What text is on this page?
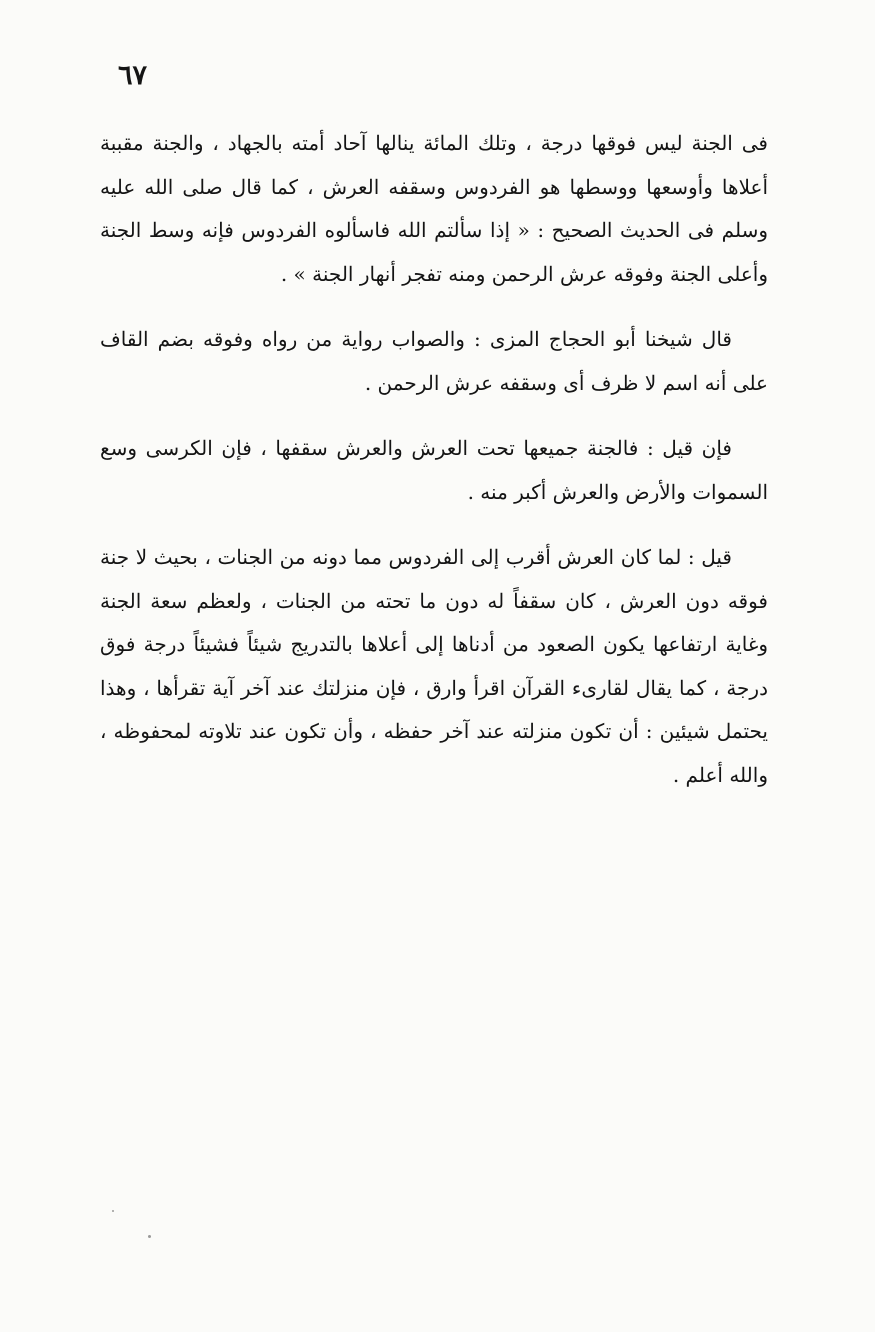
٦٧

فى الجنة ليس فوقها درجة ، وتلك المائة ينالها آحاد أمته بالجهاد ، والجنة مقببة أعلاها وأوسعها ووسطها هو الفردوس وسقفه العرش ، كما قال صلى الله عليه وسلم فى الحديث الصحيح : « إذا سألتم الله فاسألوه الفردوس فإنه وسط الجنة وأعلى الجنة وفوقه عرش الرحمن ومنه تفجر أنهار الجنة » .

قال شيخنا أبو الحجاج المزى : والصواب رواية من رواه وفوقه بضم القاف على أنه اسم لا ظرف أى وسقفه عرش الرحمن .

فإن قيل : فالجنة جميعها تحت العرش والعرش سقفها ، فإن الكرسى وسع السموات والأرض والعرش أكبر منه .

قيل : لما كان العرش أقرب إلى الفردوس مما دونه من الجنات ، بحيث لا جنة فوقه دون العرش ، كان سقفاً له دون ما تحته من الجنات ، ولعظم سعة الجنة وغاية ارتفاعها يكون الصعود من أدناها إلى أعلاها بالتدريج شيئاً فشيئاً درجة فوق درجة ، كما يقال لقارىء القرآن اقرأ وارق ، فإن منزلتك عند آخر آية تقرأها ، وهذا يحتمل شيئين : أن تكون منزلته عند آخر حفظه ، وأن تكون عند تلاوته لمحفوظه ، والله أعلم .
